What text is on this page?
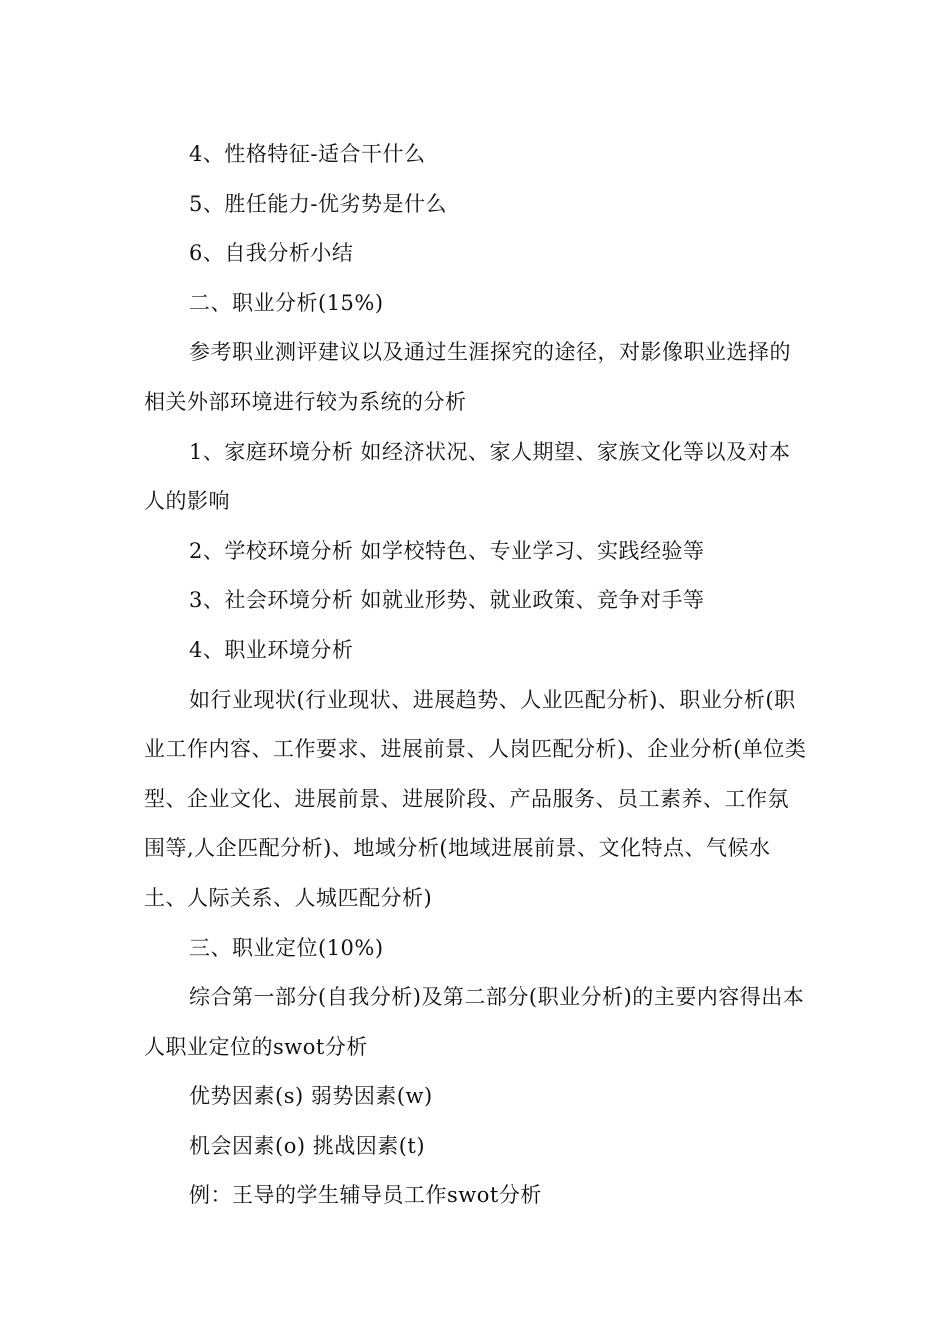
4、性格特征-适合干什么

5、胜任能力-优劣势是什么

6、自我分析小结

二、职业分析(15%)

参考职业测评建议以及通过生涯探究的途径，对影像职业选择的相关外部环境进行较为系统的分析

1、家庭环境分析 如经济状况、家人期望、家族文化等以及对本人的影响

2、学校环境分析 如学校特色、专业学习、实践经验等

3、社会环境分析 如就业形势、就业政策、竞争对手等

4、职业环境分析

如行业现状(行业现状、进展趋势、人业匹配分析)、职业分析(职业工作内容、工作要求、进展前景、人岗匹配分析)、企业分析(单位类型、企业文化、进展前景、进展阶段、产品服务、员工素养、工作氛围等,人企匹配分析)、地域分析(地域进展前景、文化特点、气候水土、人际关系、人城匹配分析)

三、职业定位(10%)

综合第一部分(自我分析)及第二部分(职业分析)的主要内容得出本人职业定位的swot分析

优势因素(s) 弱势因素(w)

机会因素(o) 挑战因素(t)

例：王导的学生辅导员工作swot分析
